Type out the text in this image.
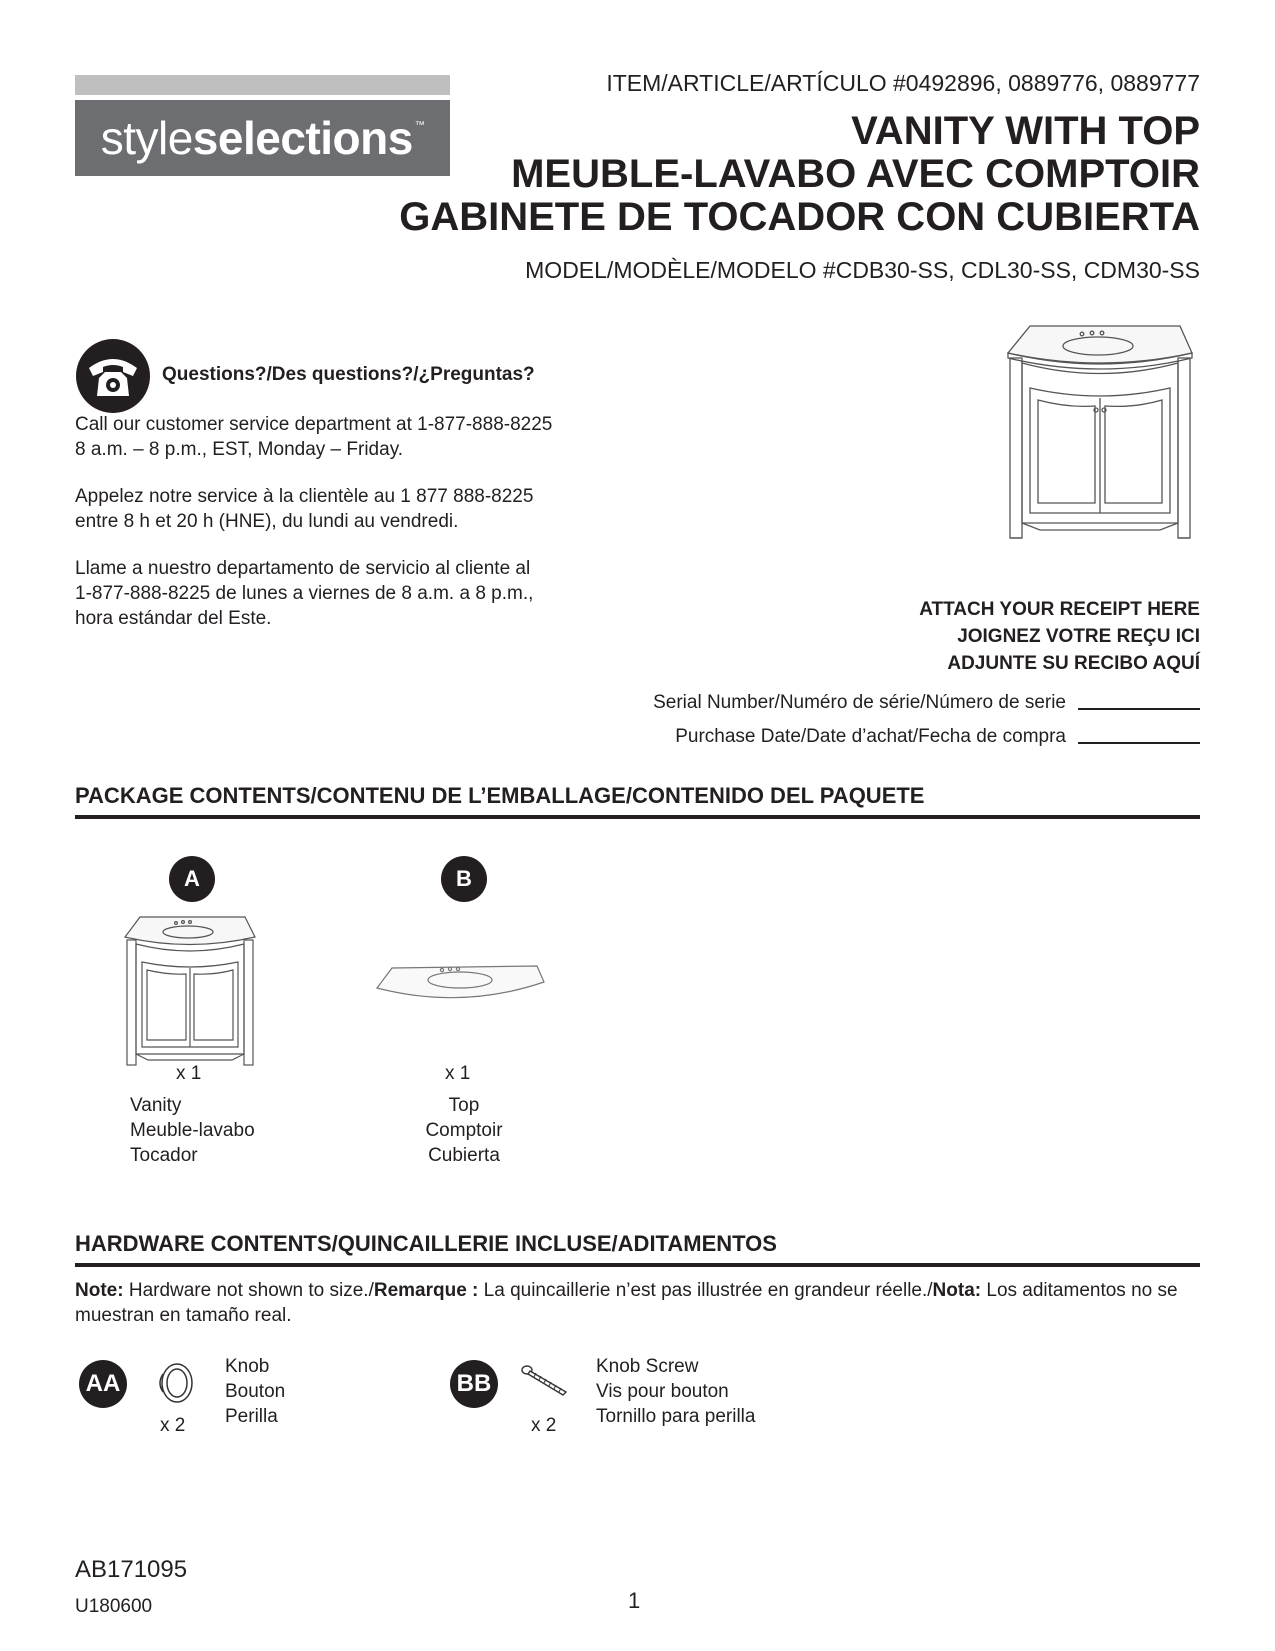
styleselections ™
ITEM/ARTICLE/ARTÍCULO #0492896, 0889776, 0889777
VANITY WITH TOP
MEUBLE-LAVABO AVEC COMPTOIR
GABINETE DE TOCADOR CON CUBIERTA
MODEL/MODÈLE/MODELO #CDB30-SS, CDL30-SS, CDM30-SS
Questions?/Des questions?/¿Preguntas?
Call our customer service department at 1-877-888-8225
8 a.m. – 8 p.m., EST, Monday – Friday.
Appelez notre service à la clientèle au 1 877 888-8225
entre 8 h et 20 h (HNE), du lundi au vendredi.
Llame a nuestro departamento de servicio al cliente al
1-877-888-8225 de lunes a viernes de 8 a.m. a 8 p.m.,
hora estándar del Este.	ATTACH YOUR RECEIPT HERE
JOIGNEZ VOTRE REÇU ICI
ADJUNTE SU RECIBO AQUÍ
Serial Number/Numéro de série/Número de serie
Purchase Date/Date d’achat/Fecha de compra
PACKAGE CONTENTS/CONTENU DE L’EMBALLAGE/CONTENIDO DEL PAQUETE
A	B
x 1
Vanity
Meuble-lavabo
Tocador
x 1
Top
Comptoir
Cubierta
HARDWARE CONTENTS/QUINCAILLERIE INCLUSE/ADITAMENTOS
Note: Hardware not shown to size./Remarque : La quincaillerie n’est pas illustrée en grandeur réelle./Nota: Los aditamentos no se muestran en tamaño real.
AA
x 2
Knob
Bouton
Perilla
BB
x 2
Knob Screw
Vis pour bouton
Tornillo para perilla
AB171095
U180600	1
